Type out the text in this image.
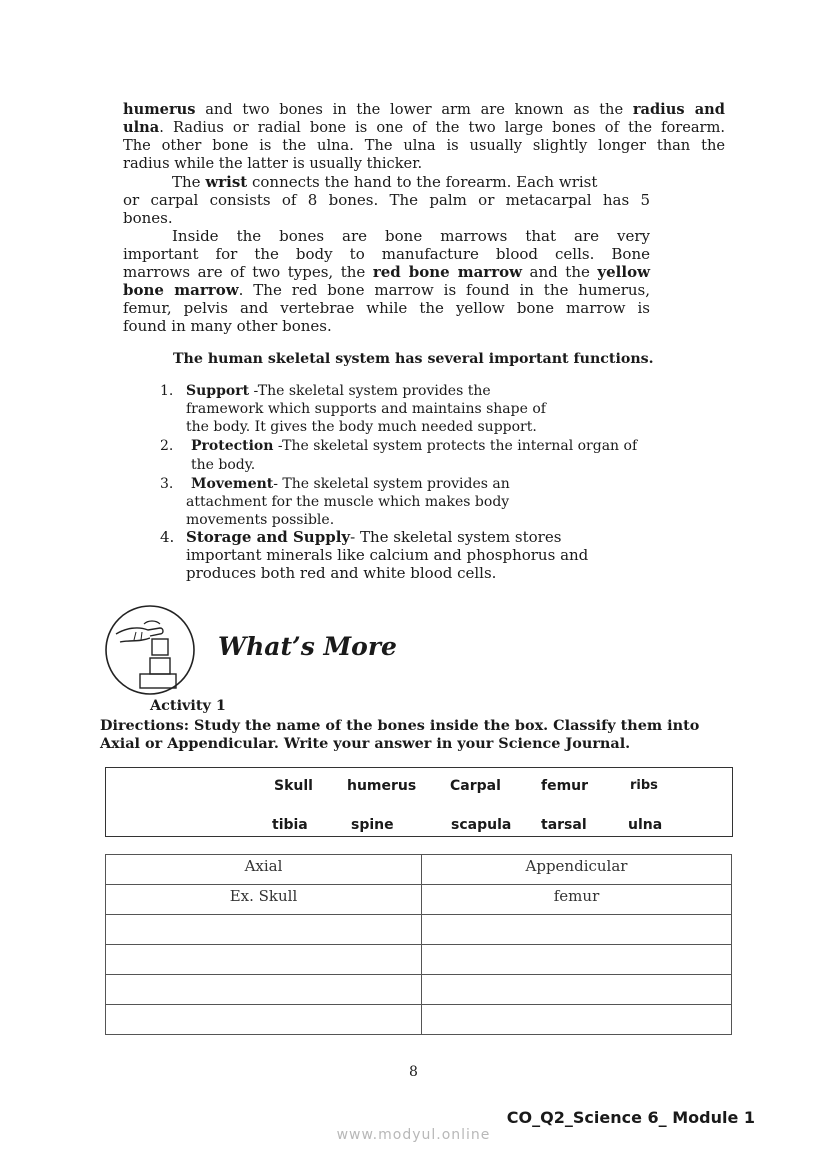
humerus and two bones in the lower arm are known as the radius and
ulna. Radius or radial bone is one of the two large bones of the forearm.
The other bone is the ulna. The ulna is usually slightly longer than the
radius while the latter is usually thicker.
The wrist connects the hand to the forearm. Each wrist
or carpal consists of 8 bones. The palm or metacarpal has 5
bones.
Inside the bones are bone marrows that are very
important for the body to manufacture blood cells. Bone
marrows are of two types, the red bone marrow and the yellow
bone marrow. The red bone marrow is found in the humerus,
femur, pelvis and vertebrae while the yellow bone marrow is
found in many other bones.
The human skeletal system has several important functions.
1. Support -The skeletal system provides the
framework which supports and maintains shape of
the body. It gives the body much needed support.
2. Protection -The skeletal system protects the internal organ of
the body.
3. Movement- The skeletal system provides an
attachment for the muscle which makes body
movements possible.
4. Storage and Supply- The skeletal system stores
important minerals like calcium and phosphorus and
produces both red and white blood cells.
What’s More
Activity 1
Directions: Study the name of the bones inside the box. Classify them into
Axial or Appendicular. Write your answer in your Science Journal.
Skull humerus Carpal	femur	ribs
tibia	spine	scapula tarsal	ulna
Axial	Appendicular

Ex. Skull	femur

8
CO_Q2_Science 6_ Module 1
www.modyul.online
